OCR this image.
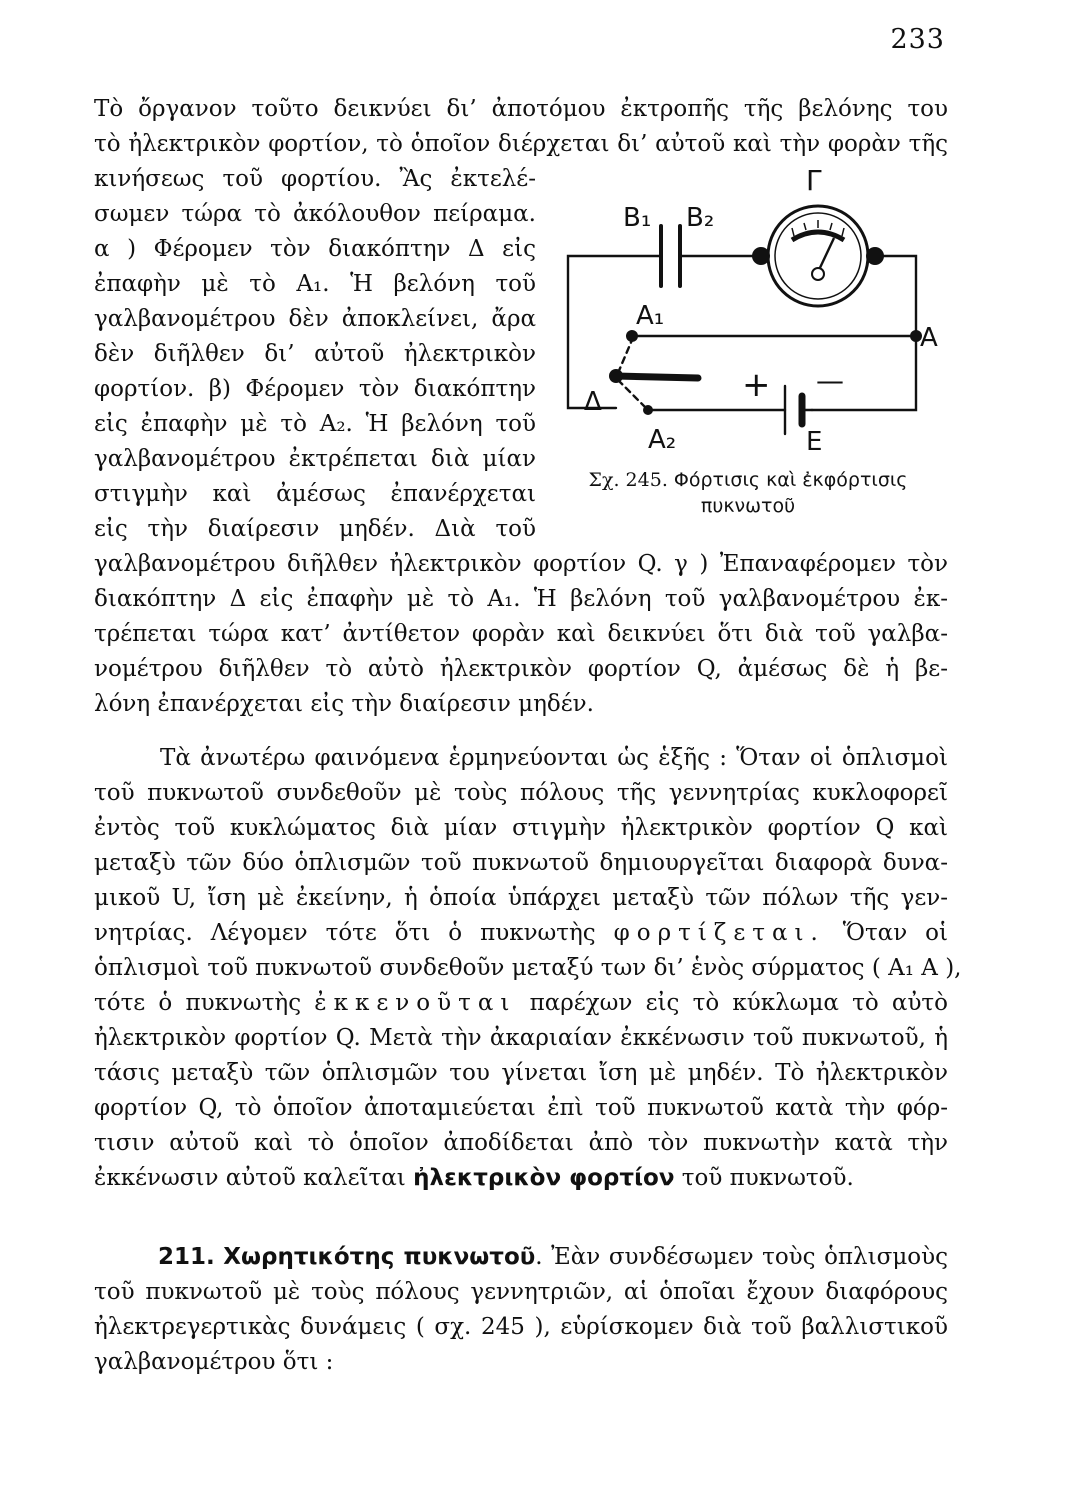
233
Τὸ ὄργανον τοῦτο δεικνύει δι’ ἀποτόμου ἐκτροπῆς τῆς βελόνης του
τὸ ἠλεκτρικὸν φορτίον, τὸ ὁποῖον διέρχεται δι’ αὐτοῦ καὶ τὴν φορὰν τῆς
κινήσεως τοῦ φορτίου. Ἂς ἐκτελέ-
σωμεν τώρα τὸ ἀκόλουθον πείραμα.
α ) Φέρομεν τὸν διακόπτην Δ εἰς
ἐπαφὴν μὲ τὸ Α₁. Ἡ βελόνη τοῦ
γαλβανομέτρου δὲν ἀποκλείνει, ἄρα
δὲν διῆλθεν δι’ αὐτοῦ ἠλεκτρικὸν
φορτίον. β) Φέρομεν τὸν διακόπτην
εἰς ἐπαφὴν μὲ τὸ Α₂. Ἡ βελόνη τοῦ
γαλβανομέτρου ἐκτρέπεται διὰ μίαν
στιγμὴν καὶ ἀμέσως ἐπανέρχεται
εἰς τὴν διαίρεσιν μηδέν. Διὰ τοῦ
γαλβανομέτρου διῆλθεν ἠλεκτρικὸν φορτίον Q. γ ) Ἐπαναφέρομεν τὸν
διακόπτην Δ εἰς ἐπαφὴν μὲ τὸ Α₁. Ἡ βελόνη τοῦ γαλβανομέτρου ἐκ-
τρέπεται τώρα κατ’ ἀντίθετον φορὰν καὶ δεικνύει ὅτι διὰ τοῦ γαλβα-
νομέτρου διῆλθεν τὸ αὐτὸ ἠλεκτρικὸν φορτίον Q, ἀμέσως δὲ ἡ βε-
λόνη ἐπανέρχεται εἰς τὴν διαίρεσιν μηδέν.
Γ
B₁ B₂
A₁
A
Δ
A₂	E
+ —
Σχ. 245. Φόρτισις καὶ ἐκφόρτισις
πυκνωτοῦ
Τὰ ἀνωτέρω φαινόμενα ἑρμηνεύονται ὡς ἑξῆς : Ὅταν οἱ ὁπλισμοὶ
τοῦ πυκνωτοῦ συνδεθοῦν μὲ τοὺς πόλους τῆς γεννητρίας κυκλοφορεῖ
ἐντὸς τοῦ κυκλώματος διὰ μίαν στιγμὴν ἠλεκτρικὸν φορτίον Q καὶ
μεταξὺ τῶν δύο ὁπλισμῶν τοῦ πυκνωτοῦ δημιουργεῖται διαφορὰ δυνα-
μικοῦ U, ἴση μὲ ἐκείνην, ἡ ὁποία ὑπάρχει μεταξὺ τῶν πόλων τῆς γεν-
νητρίας. Λέγομεν τότε ὅτι ὁ πυκνωτὴς φορτίζεται. Ὅταν οἱ
ὁπλισμοὶ τοῦ πυκνωτοῦ συνδεθοῦν μεταξύ των δι’ ἑνὸς σύρματος ( Α₁ Α ),
τότε ὁ πυκνωτὴς ἐκκενοῦται παρέχων εἰς τὸ κύκλωμα τὸ αὐτὸ
ἠλεκτρικὸν φορτίον Q. Μετὰ τὴν ἀκαριαίαν ἐκκένωσιν τοῦ πυκνωτοῦ, ἡ
τάσις μεταξὺ τῶν ὁπλισμῶν του γίνεται ἴση μὲ μηδέν. Τὸ ἠλεκτρικὸν
φορτίον Q, τὸ ὁποῖον ἀποταμιεύεται ἐπὶ τοῦ πυκνωτοῦ κατὰ τὴν φόρ-
τισιν αὐτοῦ καὶ τὸ ὁποῖον ἀποδίδεται ἀπὸ τὸν πυκνωτὴν κατὰ τὴν
ἐκκένωσιν αὐτοῦ καλεῖται ἠλεκτρικὸν φορτίον τοῦ πυκνωτοῦ.
211. Χωρητικότης πυκνωτοῦ. Ἐὰν συνδέσωμεν τοὺς ὁπλισμοὺς
τοῦ πυκνωτοῦ μὲ τοὺς πόλους γεννητριῶν, αἱ ὁποῖαι ἔχουν διαφόρους
ἠλεκτρεγερτικὰς δυνάμεις ( σχ. 245 ), εὑρίσκομεν διὰ τοῦ βαλλιστικοῦ
γαλβανομέτρου ὅτι :
